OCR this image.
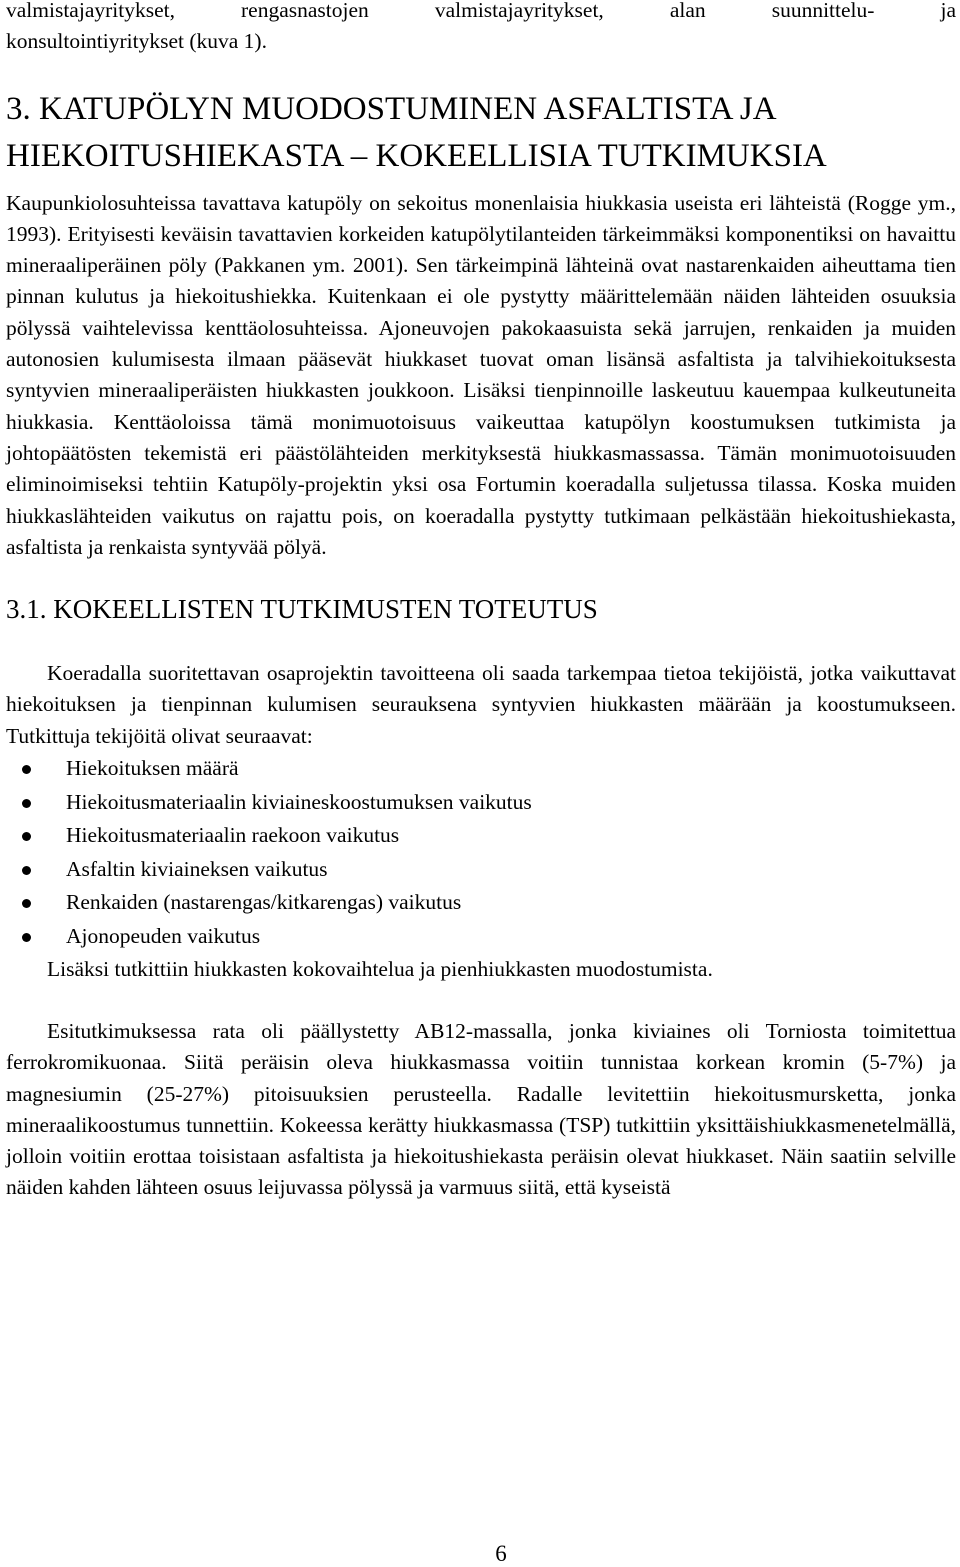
valmistajayritykset, rengasnastojen valmistajayritykset, alan suunnittelu- ja

konsultointiyritykset (kuva 1).

3. KATUPÖLYN MUODOSTUMINEN ASFALTISTA JA HIEKOITUSHIEKASTA – KOKEELLISIA TUTKIMUKSIA

Kaupunkiolosuhteissa tavattava katupöly on sekoitus monenlaisia hiukkasia useista eri lähteistä (Rogge ym., 1993). Erityisesti keväisin tavattavien korkeiden katupölytilanteiden tärkeimmäksi komponentiksi on havaittu mineraaliperäinen pöly (Pakkanen ym. 2001). Sen tärkeimpinä lähteinä ovat nastarenkaiden aiheuttama tien pinnan kulutus ja hiekoitushiekka. Kuitenkaan ei ole pystytty määrittelemään näiden lähteiden osuuksia pölyssä vaihtelevissa kenttäolosuhteissa. Ajoneuvojen pakokaasuista sekä jarrujen, renkaiden ja muiden autonosien kulumisesta ilmaan pääsevät hiukkaset tuovat oman lisänsä asfaltista ja talvihiekoituksesta syntyvien mineraaliperäisten hiukkasten joukkoon. Lisäksi tienpinnoille laskeutuu kauempaa kulkeutuneita hiukkasia. Kenttäoloissa tämä monimuotoisuus vaikeuttaa katupölyn koostumuksen tutkimista ja johtopäätösten tekemistä eri päästölähteiden merkityksestä hiukkasmassassa. Tämän monimuotoisuuden eliminoimiseksi tehtiin Katupöly-projektin yksi osa Fortumin koeradalla suljetussa tilassa. Koska muiden hiukkaslähteiden vaikutus on rajattu pois, on koeradalla pystytty tutkimaan pelkästään hiekoitushiekasta, asfaltista ja renkaista syntyvää pölyä.

3.1. KOKEELLISTEN TUTKIMUSTEN TOTEUTUS

Koeradalla suoritettavan osaprojektin tavoitteena oli saada tarkempaa tietoa tekijöistä, jotka vaikuttavat hiekoituksen ja tienpinnan kulumisen seurauksena syntyvien hiukkasten määrään ja koostumukseen. Tutkittuja tekijöitä olivat seuraavat:

Hiekoituksen määrä
Hiekoitusmateriaalin kiviaineskoostumuksen vaikutus
Hiekoitusmateriaalin raekoon vaikutus
Asfaltin kiviaineksen vaikutus
Renkaiden (nastarengas/kitkarengas) vaikutus
Ajonopeuden vaikutus

Lisäksi tutkittiin hiukkasten kokovaihtelua ja pienhiukkasten muodostumista.

Esitutkimuksessa rata oli päällystetty AB12-massalla, jonka kiviaines oli Torniosta toimitettua ferrokromikuonaa. Siitä peräisin oleva hiukkasmassa voitiin tunnistaa korkean kromin (5-7%) ja magnesiumin (25-27%) pitoisuuksien perusteella. Radalle levitettiin hiekoitusmursketta, jonka mineraalikoostumus tunnettiin. Kokeessa kerätty hiukkasmassa (TSP) tutkittiin yksittäishiukkasmenetelmällä, jolloin voitiin erottaa toisistaan asfaltista ja hiekoitushiekasta peräisin olevat hiukkaset. Näin saatiin selville näiden kahden lähteen osuus leijuvassa pölyssä ja varmuus siitä, että kyseistä

6
